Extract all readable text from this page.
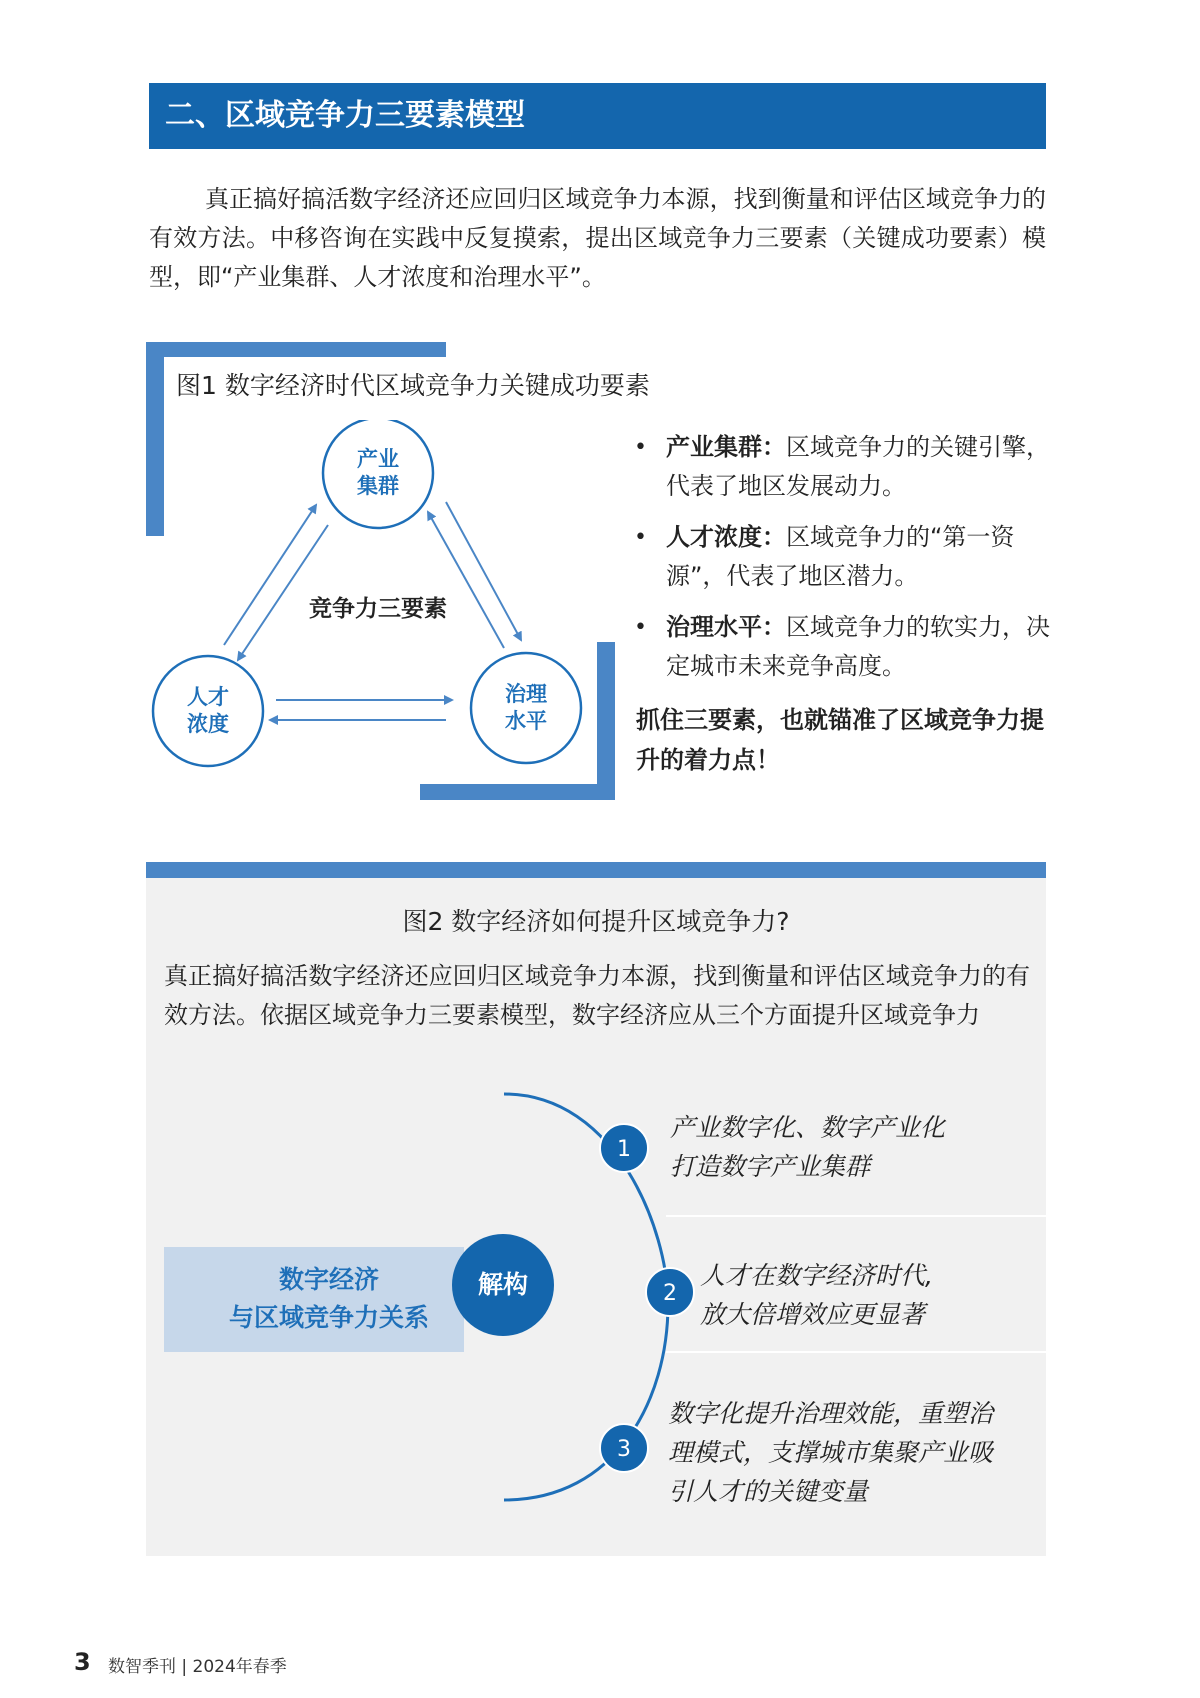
二、区域竞争力三要素模型

真正搞好搞活数字经济还应回归区域竞争力本源，找到衡量和评估区域竞争力的有效方法。中移咨询在实践中反复摸索，提出区域竞争力三要素（关键成功要素）模型，即“产业集群、人才浓度和治理水平”。

图1 数字经济时代区域竞争力关键成功要素
产业
集群
人才
浓度
治理
水平
竞争力三要素
• 产业集群：区域竞争力的关键引擎，代表了地区发展动力。
• 人才浓度：区域竞争力的“第一资源”，代表了地区潜力。
• 治理水平：区域竞争力的软实力，决定城市未来竞争高度。
抓住三要素，也就锚准了区域竞争力提升的着力点！
图2 数字经济如何提升区域竞争力?

真正搞好搞活数字经济还应回归区域竞争力本源，找到衡量和评估区域竞争力的有效方法。依据区域竞争力三要素模型，数字经济应从三个方面提升区域竞争力

1
2
3
数字经济
与区域竞争力关系
解构
产业数字化、数字产业化
打造数字产业集群
人才在数字经济时代,
放大倍增效应更显著
数字化提升治理效能，重塑治
理模式，支撑城市集聚产业吸
引人才的关键变量
3 数智季刊 | 2024年春季
